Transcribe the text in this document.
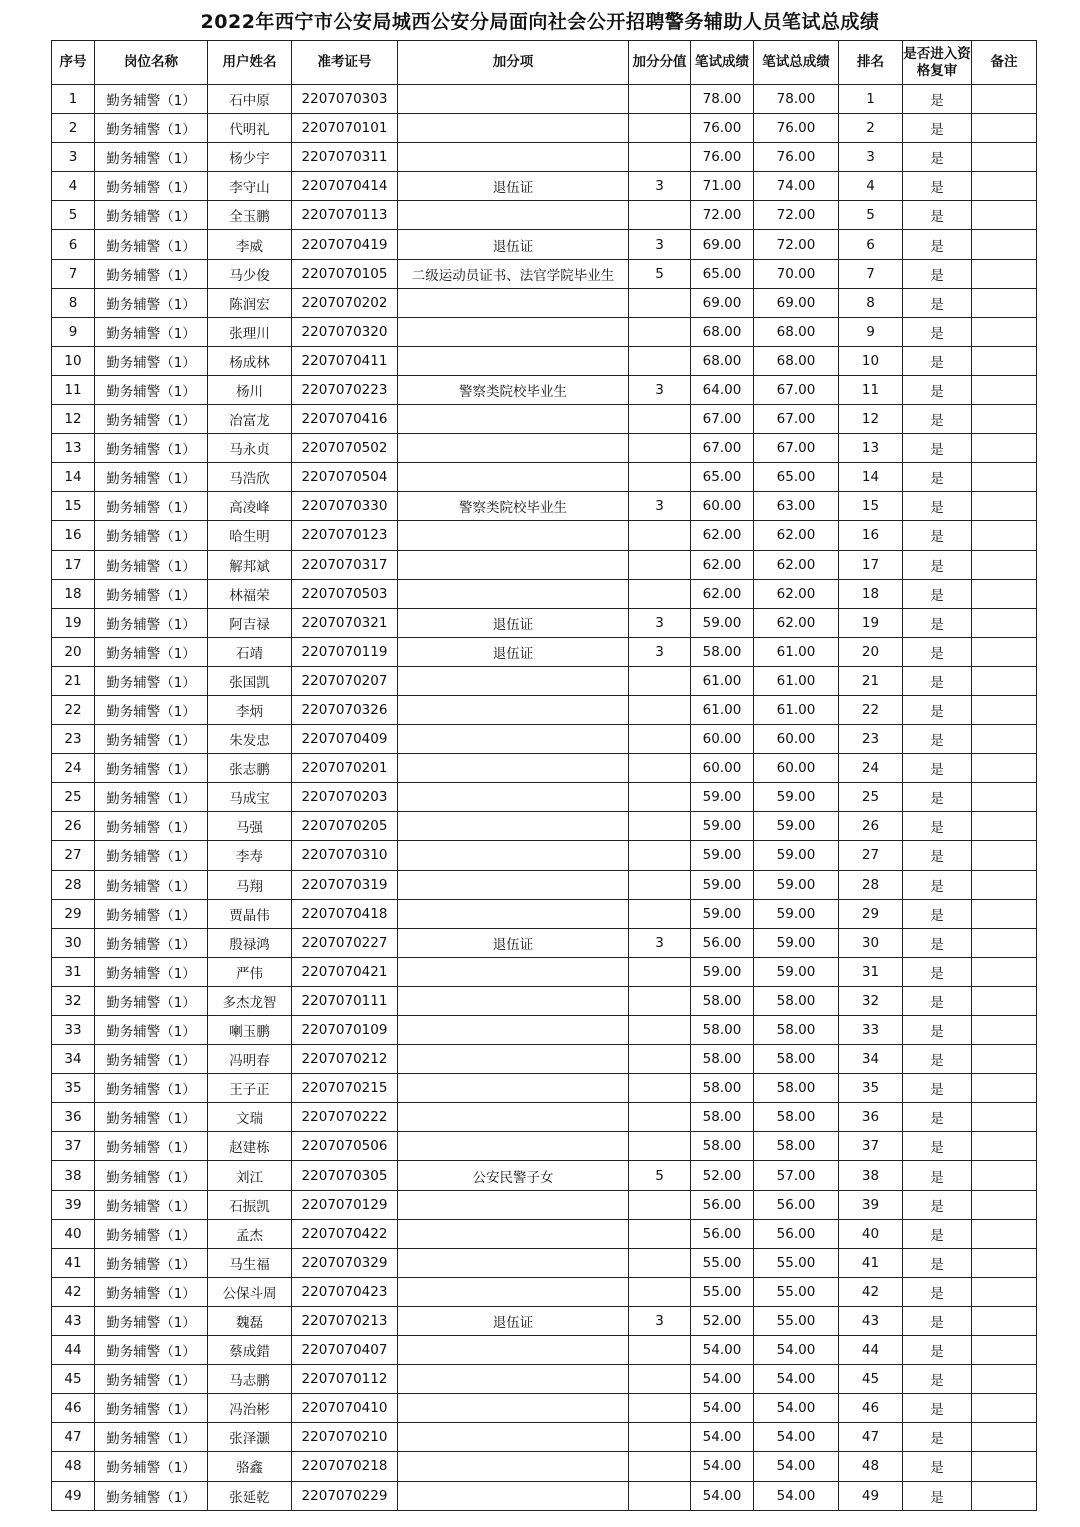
2022年西宁市公安局城西公安分局面向社会公开招聘警务辅助人员笔试总成绩
序号	岗位名称	用户姓名	准考证号	加分项	加分分值	笔试成绩	笔试总成绩	排名	是否进入资格复审	备注
1	勤务辅警（1）	石中原	2207070303			78.00	78.00	1	是	
2	勤务辅警（1）	代明礼	2207070101			76.00	76.00	2	是	
3	勤务辅警（1）	杨少宇	2207070311			76.00	76.00	3	是	
4	勤务辅警（1）	李守山	2207070414	退伍证	3	71.00	74.00	4	是	
5	勤务辅警（1）	全玉鹏	2207070113			72.00	72.00	5	是	
6	勤务辅警（1）	李威	2207070419	退伍证	3	69.00	72.00	6	是	
7	勤务辅警（1）	马少俊	2207070105	二级运动员证书、法官学院毕业生	5	65.00	70.00	7	是	
8	勤务辅警（1）	陈润宏	2207070202			69.00	69.00	8	是	
9	勤务辅警（1）	张理川	2207070320			68.00	68.00	9	是	
10	勤务辅警（1）	杨成林	2207070411			68.00	68.00	10	是	
11	勤务辅警（1）	杨川	2207070223	警察类院校毕业生	3	64.00	67.00	11	是	
12	勤务辅警（1）	冶富龙	2207070416			67.00	67.00	12	是	
13	勤务辅警（1）	马永贞	2207070502			67.00	67.00	13	是	
14	勤务辅警（1）	马浩欣	2207070504			65.00	65.00	14	是	
15	勤务辅警（1）	高凌峰	2207070330	警察类院校毕业生	3	60.00	63.00	15	是	
16	勤务辅警（1）	哈生明	2207070123			62.00	62.00	16	是	
17	勤务辅警（1）	解邦斌	2207070317			62.00	62.00	17	是	
18	勤务辅警（1）	林福荣	2207070503			62.00	62.00	18	是	
19	勤务辅警（1）	阿吉禄	2207070321	退伍证	3	59.00	62.00	19	是	
20	勤务辅警（1）	石靖	2207070119	退伍证	3	58.00	61.00	20	是	
21	勤务辅警（1）	张国凯	2207070207			61.00	61.00	21	是	
22	勤务辅警（1）	李炳	2207070326			61.00	61.00	22	是	
23	勤务辅警（1）	朱发忠	2207070409			60.00	60.00	23	是	
24	勤务辅警（1）	张志鹏	2207070201			60.00	60.00	24	是	
25	勤务辅警（1）	马成宝	2207070203			59.00	59.00	25	是	
26	勤务辅警（1）	马强	2207070205			59.00	59.00	26	是	
27	勤务辅警（1）	李寿	2207070310			59.00	59.00	27	是	
28	勤务辅警（1）	马翔	2207070319			59.00	59.00	28	是	
29	勤务辅警（1）	贾晶伟	2207070418			59.00	59.00	29	是	
30	勤务辅警（1）	殷禄鸿	2207070227	退伍证	3	56.00	59.00	30	是	
31	勤务辅警（1）	严伟	2207070421			59.00	59.00	31	是	
32	勤务辅警（1）	多杰龙智	2207070111			58.00	58.00	32	是	
33	勤务辅警（1）	喇玉鹏	2207070109			58.00	58.00	33	是	
34	勤务辅警（1）	冯明春	2207070212			58.00	58.00	34	是	
35	勤务辅警（1）	王子正	2207070215			58.00	58.00	35	是	
36	勤务辅警（1）	文瑞	2207070222			58.00	58.00	36	是	
37	勤务辅警（1）	赵建栋	2207070506			58.00	58.00	37	是	
38	勤务辅警（1）	刘江	2207070305	公安民警子女	5	52.00	57.00	38	是	
39	勤务辅警（1）	石振凯	2207070129			56.00	56.00	39	是	
40	勤务辅警（1）	孟杰	2207070422			56.00	56.00	40	是	
41	勤务辅警（1）	马生福	2207070329			55.00	55.00	41	是	
42	勤务辅警（1）	公保斗周	2207070423			55.00	55.00	42	是	
43	勤务辅警（1）	魏磊	2207070213	退伍证	3	52.00	55.00	43	是	
44	勤务辅警（1）	蔡成錯	2207070407			54.00	54.00	44	是	
45	勤务辅警（1）	马志鹏	2207070112			54.00	54.00	45	是	
46	勤务辅警（1）	冯治彬	2207070410			54.00	54.00	46	是	
47	勤务辅警（1）	张泽灏	2207070210			54.00	54.00	47	是	
48	勤务辅警（1）	骆鑫	2207070218			54.00	54.00	48	是	
49	勤务辅警（1）	张延乾	2207070229			54.00	54.00	49	是	
